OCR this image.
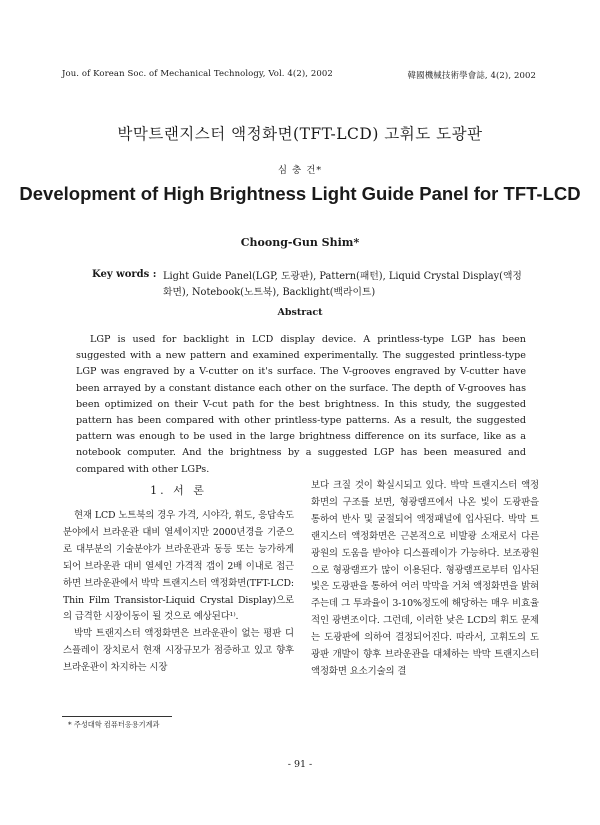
Jou. of Korean Soc. of Mechanical Technology, Vol. 4(2), 2002	韓國機械技術學會誌, 4(2), 2002
박막트랜지스터 액정화면(TFT-LCD) 고휘도 도광판
심 충 건*
Development of High Brightness Light Guide Panel for TFT-LCD
Choong-Gun Shim*
Key words : Light Guide Panel(LGP, 도광판), Pattern(패턴), Liquid Crystal Display(액정화면), Notebook(노트북), Backlight(백라이트)
Abstract
LGP is used for backlight in LCD display device. A printless-type LGP has been suggested with a new pattern and examined experimentally. The suggested printless-type LGP was engraved by a V-cutter on it's surface. The V-grooves engraved by V-cutter have been arrayed by a constant distance each other on the surface. The depth of V-grooves has been optimized on their V-cut path for the best brightness. In this study, the suggested pattern has been compared with other printless-type patterns. As a result, the suggested pattern was enough to be used in the large brightness difference on its surface, like as a notebook computer. And the brightness by a suggested LGP has been measured and compared with other LGPs.
1. 서 론

현재 LCD 노트북의 경우 가격, 시야각, 휘도, 응답속도 분야에서 브라운관 대비 열세이지만 2000년경을 기준으로 대부분의 기술분야가 브라운관과 동등 또는 능가하게 되어 브라운관 대비 열세인 가격적 갭이 2배 이내로 접근하면 브라운관에서 박막 트랜지스터 액정화면(TFT-LCD: Thin Film Transistor-Liquid Crystal Display)으로의 급격한 시장이동이 될 것으로 예상된다¹⁾.

박막 트랜지스터 액정화면은 브라운관이 없는 평판 디스플레이 장치로서 현재 시장규모가 점증하고 있고 향후 브라운관이 차지하는 시장

보다 크질 것이 확실시되고 있다. 박막 트랜지스터 액정화면의 구조를 보면, 형광램프에서 나온 빛이 도광판을 통하여 반사 및 굴절되어 액정패널에 입사된다. 박막 트랜지스터 액정화면은 근본적으로 비발광 소재로서 다른 광원의 도움을 받아야 디스플레이가 가능하다. 보조광원으로 형광램프가 많이 이용된다. 형광램프로부터 입사된 빛은 도광판을 통하여 여러 막막을 거쳐 액정화면을 밝혀 주는데 그 투과율이 3-10%정도에 해당하는 매우 비효율적인 광변조이다. 그런데, 이러한 낮은 LCD의 휘도 문제는 도광판에 의하여 결정되어진다. 따라서, 고휘도의 도광판 개발이 향후 브라운관을 대체하는 박막 트랜지스터 액정화면 요소기술의 결

* 주성대학 컴퓨터응용기계과
- 91 -
